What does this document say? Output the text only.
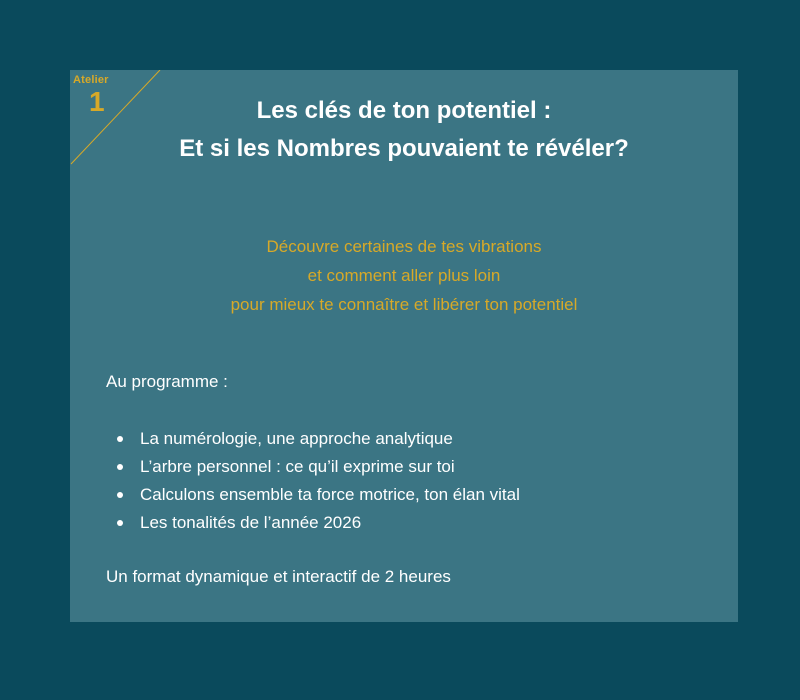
Atelier
1	Les clés de ton potentiel :
Et si les Nombres pouvaient te révéler?
Découvre certaines de tes vibrations
et comment aller plus loin
pour mieux te connaître et libérer ton potentiel
Au programme :
La numérologie, une approche analytique
L’arbre personnel : ce qu’il exprime sur toi
Calculons ensemble ta force motrice, ton élan vital
Les tonalités de l’année 2026
Un format dynamique et interactif de 2 heures
